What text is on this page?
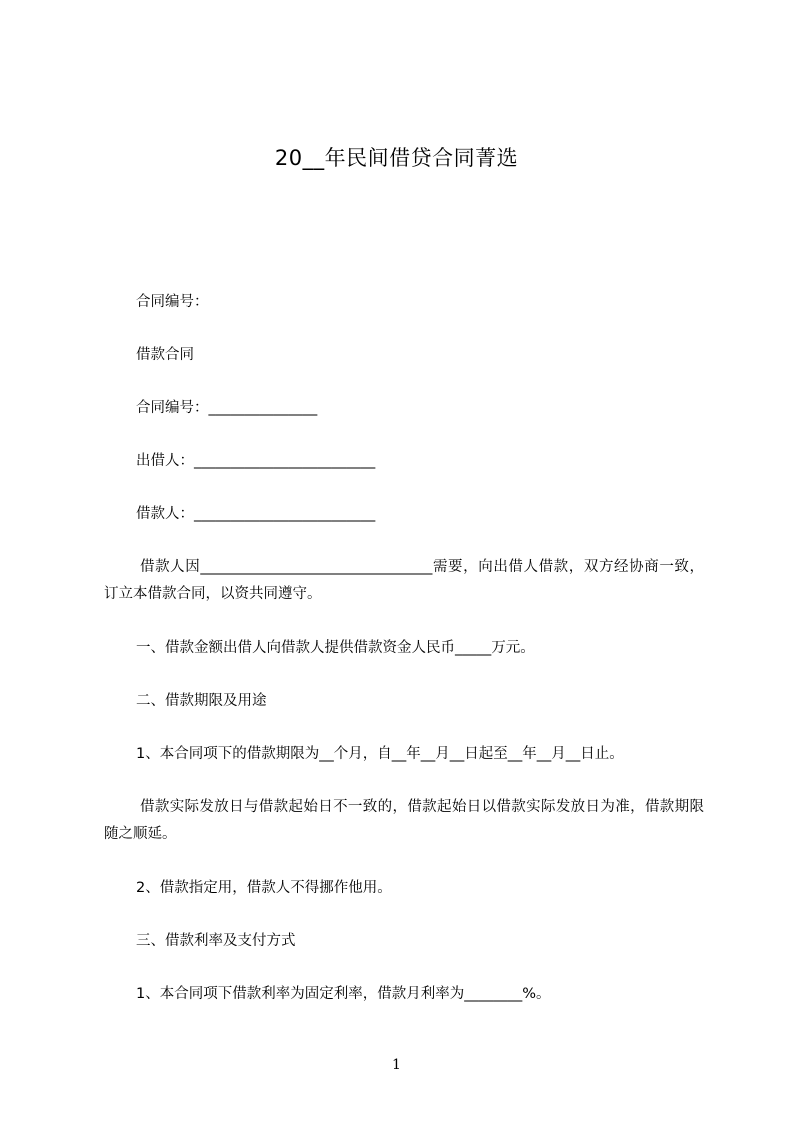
20__年民间借贷合同菁选
合同编号：
借款合同
合同编号：_______________
出借人：_________________________
借款人：_________________________
借款人因________________________________需要，向出借人借款，双方经协商一致，订立本借款合同，以资共同遵守。
一、借款金额出借人向借款人提供借款资金人民币_____万元。
二、借款期限及用途
1、本合同项下的借款期限为__个月，自__年__月__日起至__年__月__日止。
借款实际发放日与借款起始日不一致的，借款起始日以借款实际发放日为准，借款期限随之顺延。
2、借款指定用，借款人不得挪作他用。
三、借款利率及支付方式
1、本合同项下借款利率为固定利率，借款月利率为________%。
1
